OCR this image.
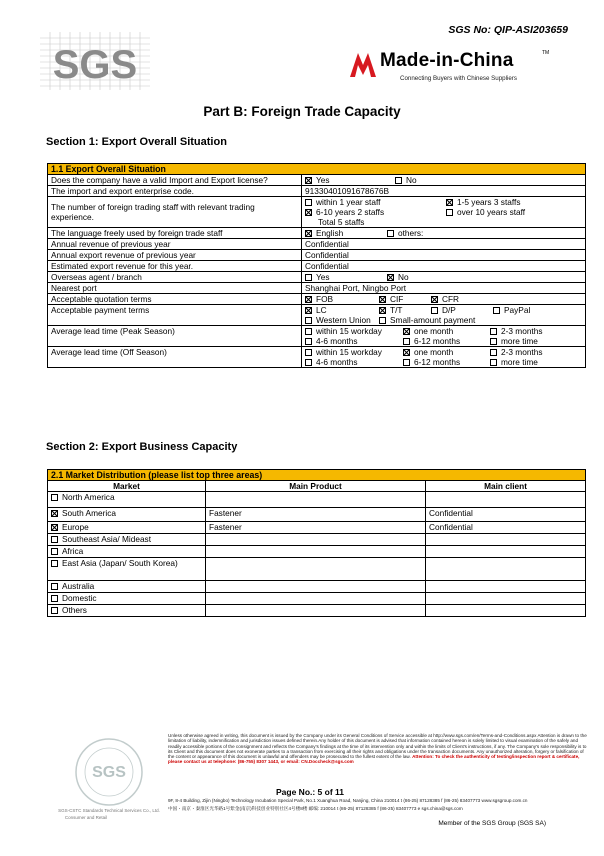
SGS No: QIP-ASI203659
SGS	Made-in-China	TM
Connecting Buyers with Chinese Suppliers
Part B: Foreign Trade Capacity
Section 1: Export Overall Situation
1.1 Export Overall Situation	
Does the company have a valid Import and Export license?	Yes No
The import and export enterprise code.	91330401091678676B
The number of foreign trading staff with relevant trading experience.	within 1 year staff 1-5 years 3 staffs
6-10 years 2 staffs over 10 years staff
Total 5 staffs
The language freely used by foreign trade staff	English others:
Annual revenue of previous year	Confidential
Annual export revenue of previous year	Confidential
Estimated export revenue for this year.	Confidential
Overseas agent / branch	Yes No
Nearest port	Shanghai Port, Ningbo Port
Acceptable quotation terms	FOB CIF CFR
Acceptable payment terms	LC T/T D/P PayPal
Western Union Small-amount payment
Average lead time (Peak Season)	within 15 workday one month 2-3 months
4-6 months 6-12 months more time
Average lead time (Off Season)	within 15 workday one month 2-3 months
4-6 months 6-12 months more time
Section 2: Export Business Capacity
2.1 Market Distribution (please list top three areas)		
Market	Main Product	Main client
North America		
South America	Fastener	Confidential
Europe	Fastener	Confidential
Southeast Asia/ Mideast		
Africa		
East Asia (Japan/ South Korea)		
Australia		
Domestic		
Others		
SGS
SGS-CSTC Standards Technical Services Co., Ltd.
Consumer and Retail
Unless otherwise agreed in writing, this document is issued by the Company under its General Conditions of Service accessible at http://www.sgs.com/en/Terms-and-Conditions.aspx Attention is drawn to the limitation of liability, indemnification and jurisdiction issues defined therein.Any holder of this document is advised that information contained hereon is solely limited to visual examination of the safely and readily accessible portions of the consignment and reflects the Company's findings at the time of its intervention only and within the limits of Client's instructions, if any. The Company's sole responsibility is to its Client and this document does not exonerate parties to a transaction from exercising all their rights and obligations under the transaction documents. Any unauthorized alteration, forgery or falsification of the content or appearance of this document is unlawful and offenders may be prosecuted to the fullest extent of the law. Attention: To check the authenticity of testing/inspection report & certificate, please contact us at telephone: (86-755) 8307 1443, or email: CN.Doccheck@sgs.com
Page No.: 5 of 11
9F, 8-4 Building, Zijin (Ningbo) Technology Incubation Special Park, No.1 Xuanghua Road, Nanjing, China 210014 t (86-25) 87128385 f (86-25) 83407773 www.sgsgroup.com.cn
中国・南京・秦淮区光华路1号紫金(南京)科技创业特别社区4号楼8楼 邮编: 210014 t (86-25) 87128385 f (86-25) 83407773 e sgs.china@sgs.com
Member of the SGS Group (SGS SA)
